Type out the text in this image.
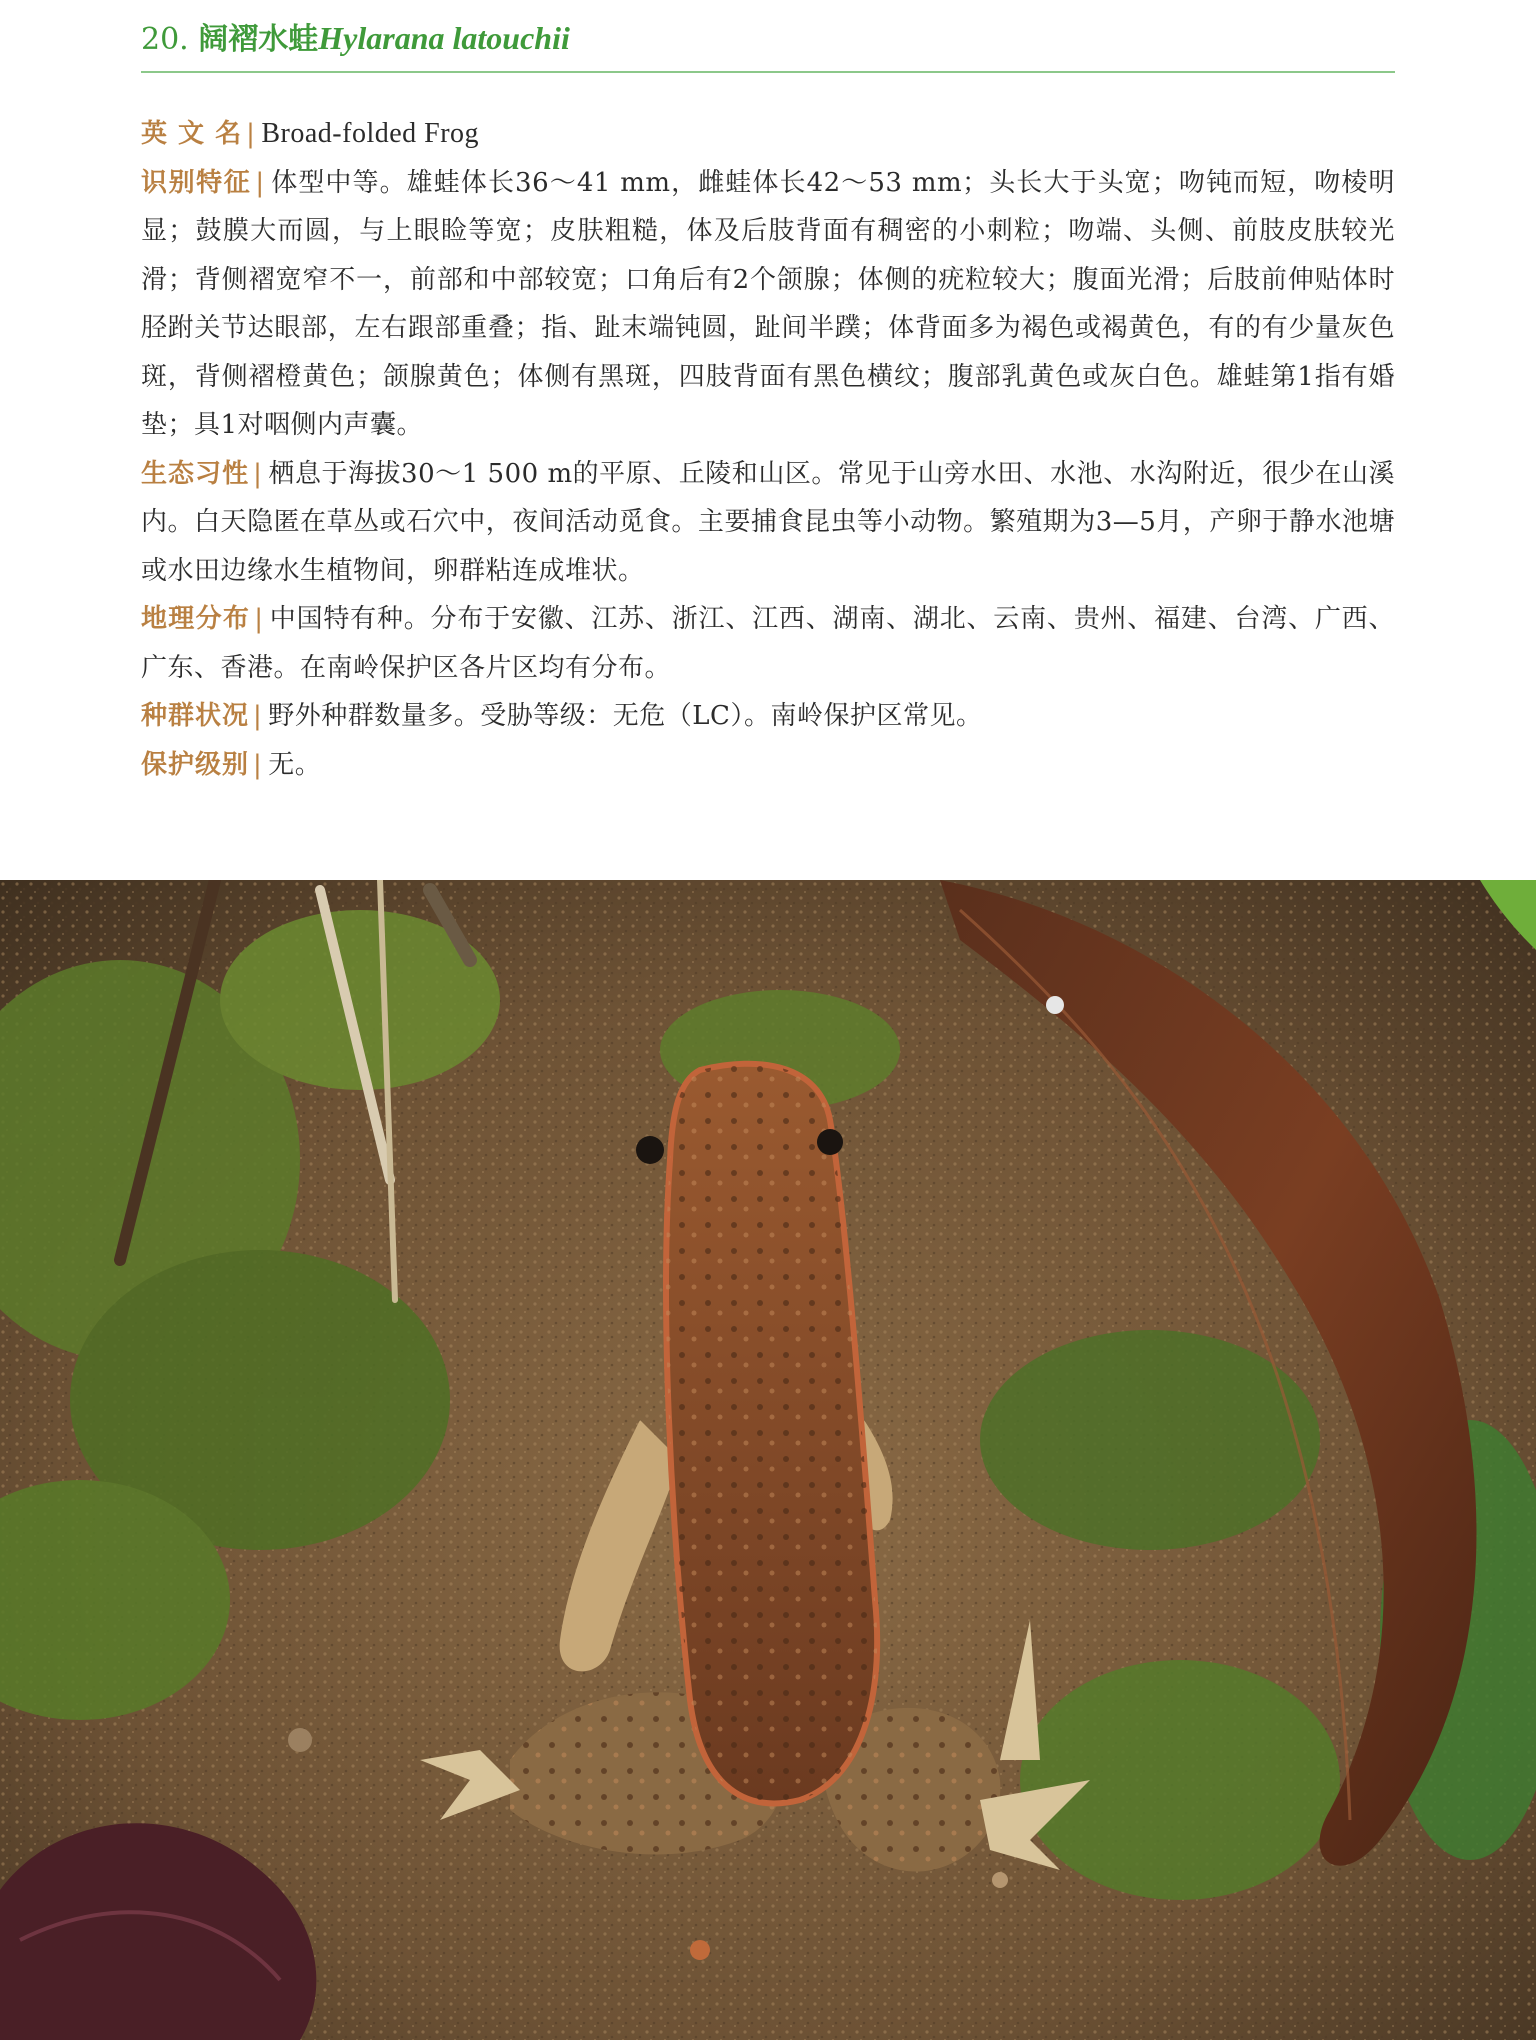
20. 阔褶水蛙Hylarana latouchii
英 文 名 | Broad-folded Frog
识别特征 | 体型中等。雄蛙体长36～41 mm，雌蛙体长42～53 mm；头长大于头宽；吻钝而短，吻棱明显；鼓膜大而圆，与上眼睑等宽；皮肤粗糙，体及后肢背面有稠密的小刺粒；吻端、头侧、前肢皮肤较光滑；背侧褶宽窄不一，前部和中部较宽；口角后有2个颌腺；体侧的疣粒较大；腹面光滑；后肢前伸贴体时胫跗关节达眼部，左右跟部重叠；指、趾末端钝圆，趾间半蹼；体背面多为褐色或褐黄色，有的有少量灰色斑，背侧褶橙黄色；颌腺黄色；体侧有黑斑，四肢背面有黑色横纹；腹部乳黄色或灰白色。雄蛙第1指有婚垫；具1对咽侧内声囊。
生态习性 | 栖息于海拔30～1 500 m的平原、丘陵和山区。常见于山旁水田、水池、水沟附近，很少在山溪内。白天隐匿在草丛或石穴中，夜间活动觅食。主要捕食昆虫等小动物。繁殖期为3—5月，产卵于静水池塘或水田边缘水生植物间，卵群粘连成堆状。
地理分布 | 中国特有种。分布于安徽、江苏、浙江、江西、湖南、湖北、云南、贵州、福建、台湾、广西、广东、香港。在南岭保护区各片区均有分布。
种群状况 | 野外种群数量多。受胁等级：无危（LC）。南岭保护区常见。
保护级别 | 无。
